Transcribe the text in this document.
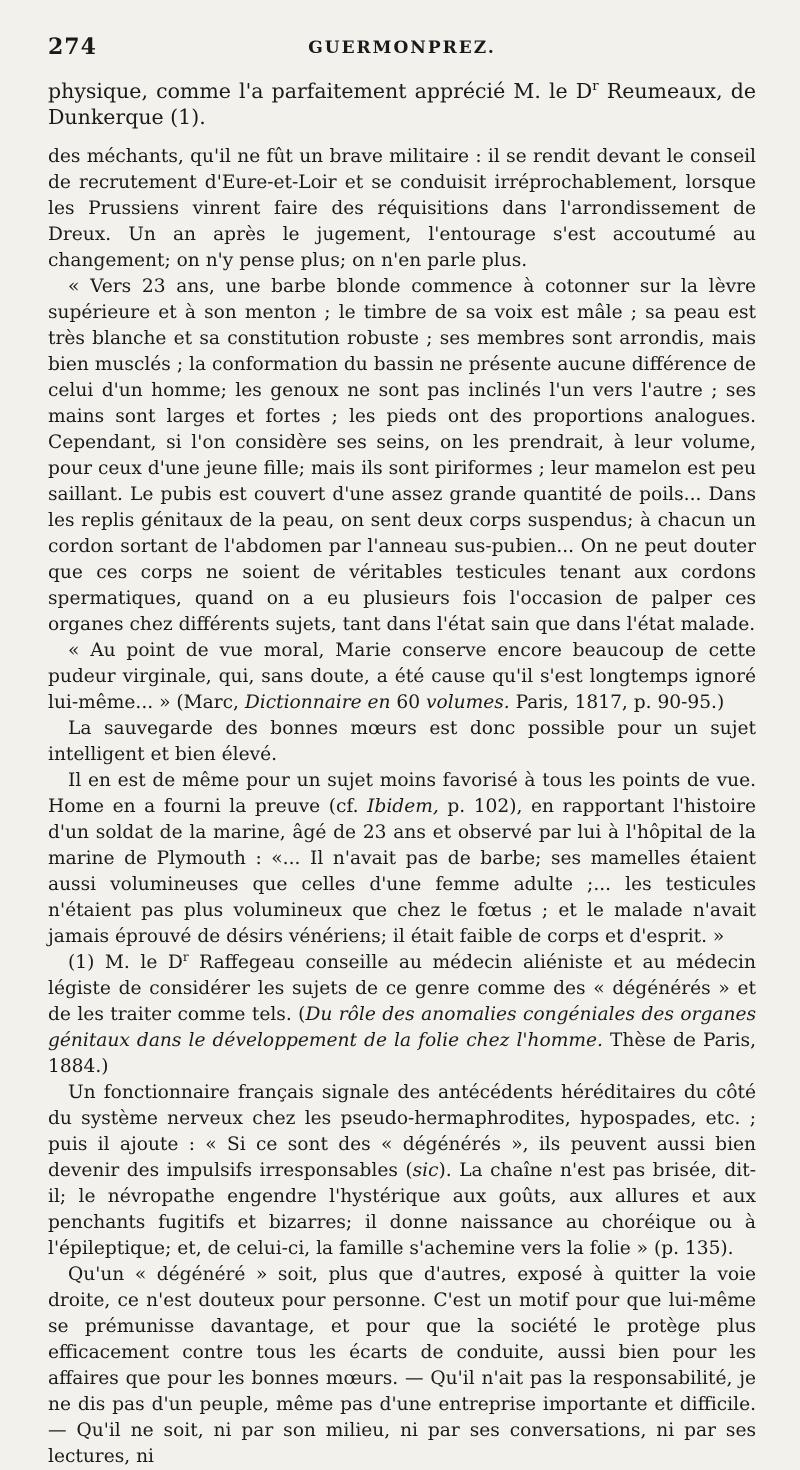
274	GUERMONPREZ.

physique, comme l'a parfaitement apprécié M. le $D^r$ Reumeaux, de Dunkerque (1).

des méchants, qu'il ne fût un brave militaire : il se rendit devant le conseil de recrutement d'Eure-et-Loir et se conduisit irréprochablement, lorsque les Prussiens vinrent faire des réquisitions dans l'arrondissement de Dreux. Un an après le jugement, l'entourage s'est accoutumé au changement; on n'y pense plus; on n'en parle plus.

« Vers 23 ans, une barbe blonde commence à cotonner sur la lèvre supérieure et à son menton ; le timbre de sa voix est mâle ; sa peau est très blanche et sa constitution robuste ; ses membres sont arrondis, mais bien musclés ; la conformation du bassin ne présente aucune différence de celui d'un homme; les genoux ne sont pas inclinés l'un vers l'autre ; ses mains sont larges et fortes ; les pieds ont des proportions analogues. Cependant, si l'on considère ses seins, on les prendrait, à leur volume, pour ceux d'une jeune fille; mais ils sont piriformes ; leur mamelon est peu saillant. Le pubis est couvert d'une assez grande quantité de poils... Dans les replis génitaux de la peau, on sent deux corps suspendus; à chacun un cordon sortant de l'abdomen par l'anneau sus-pubien... On ne peut douter que ces corps ne soient de véritables testicules tenant aux cordons spermatiques, quand on a eu plusieurs fois l'occasion de palper ces organes chez différents sujets, tant dans l'état sain que dans l'état malade.

« Au point de vue moral, Marie conserve encore beaucoup de cette pudeur virginale, qui, sans doute, a été cause qu'il s'est longtemps ignoré lui-même... » (Marc, Dictionnaire en 60 volumes. Paris, 1817, p. 90-95.)

La sauvegarde des bonnes mœurs est donc possible pour un sujet intelligent et bien élevé.

Il en est de même pour un sujet moins favorisé à tous les points de vue. Home en a fourni la preuve (cf. Ibidem, p. 102), en rapportant l'histoire d'un soldat de la marine, âgé de 23 ans et observé par lui à l'hôpital de la marine de Plymouth : «... Il n'avait pas de barbe; ses mamelles étaient aussi volumineuses que celles d'une femme adulte ;... les testicules n'étaient pas plus volumineux que chez le fœtus ; et le malade n'avait jamais éprouvé de désirs vénériens; il était faible de corps et d'esprit. »

(1) M. le $D^r$ Raffegeau conseille au médecin aliéniste et au médecin légiste de considérer les sujets de ce genre comme des « dégénérés » et de les traiter comme tels. (Du rôle des anomalies congéniales des organes génitaux dans le développement de la folie chez l'homme. Thèse de Paris, 1884.)

Un fonctionnaire français signale des antécédents héréditaires du côté du système nerveux chez les pseudo-hermaphrodites, hypospades, etc. ; puis il ajoute : « Si ce sont des « dégénérés », ils peuvent aussi bien devenir des impulsifs irresponsables (sic). La chaîne n'est pas brisée, dit-il; le névropathe engendre l'hystérique aux goûts, aux allures et aux penchants fugitifs et bizarres; il donne naissance au choréique ou à l'épileptique; et, de celui-ci, la famille s'achemine vers la folie » (p. 135).

Qu'un « dégénéré » soit, plus que d'autres, exposé à quitter la voie droite, ce n'est douteux pour personne. C'est un motif pour que lui-même se prémunisse davantage, et pour que la société le protège plus efficacement contre tous les écarts de conduite, aussi bien pour les affaires que pour les bonnes mœurs. — Qu'il n'ait pas la responsabilité, je ne dis pas d'un peuple, même pas d'une entreprise importante et difficile. — Qu'il ne soit, ni par son milieu, ni par ses conversations, ni par ses lectures, ni
